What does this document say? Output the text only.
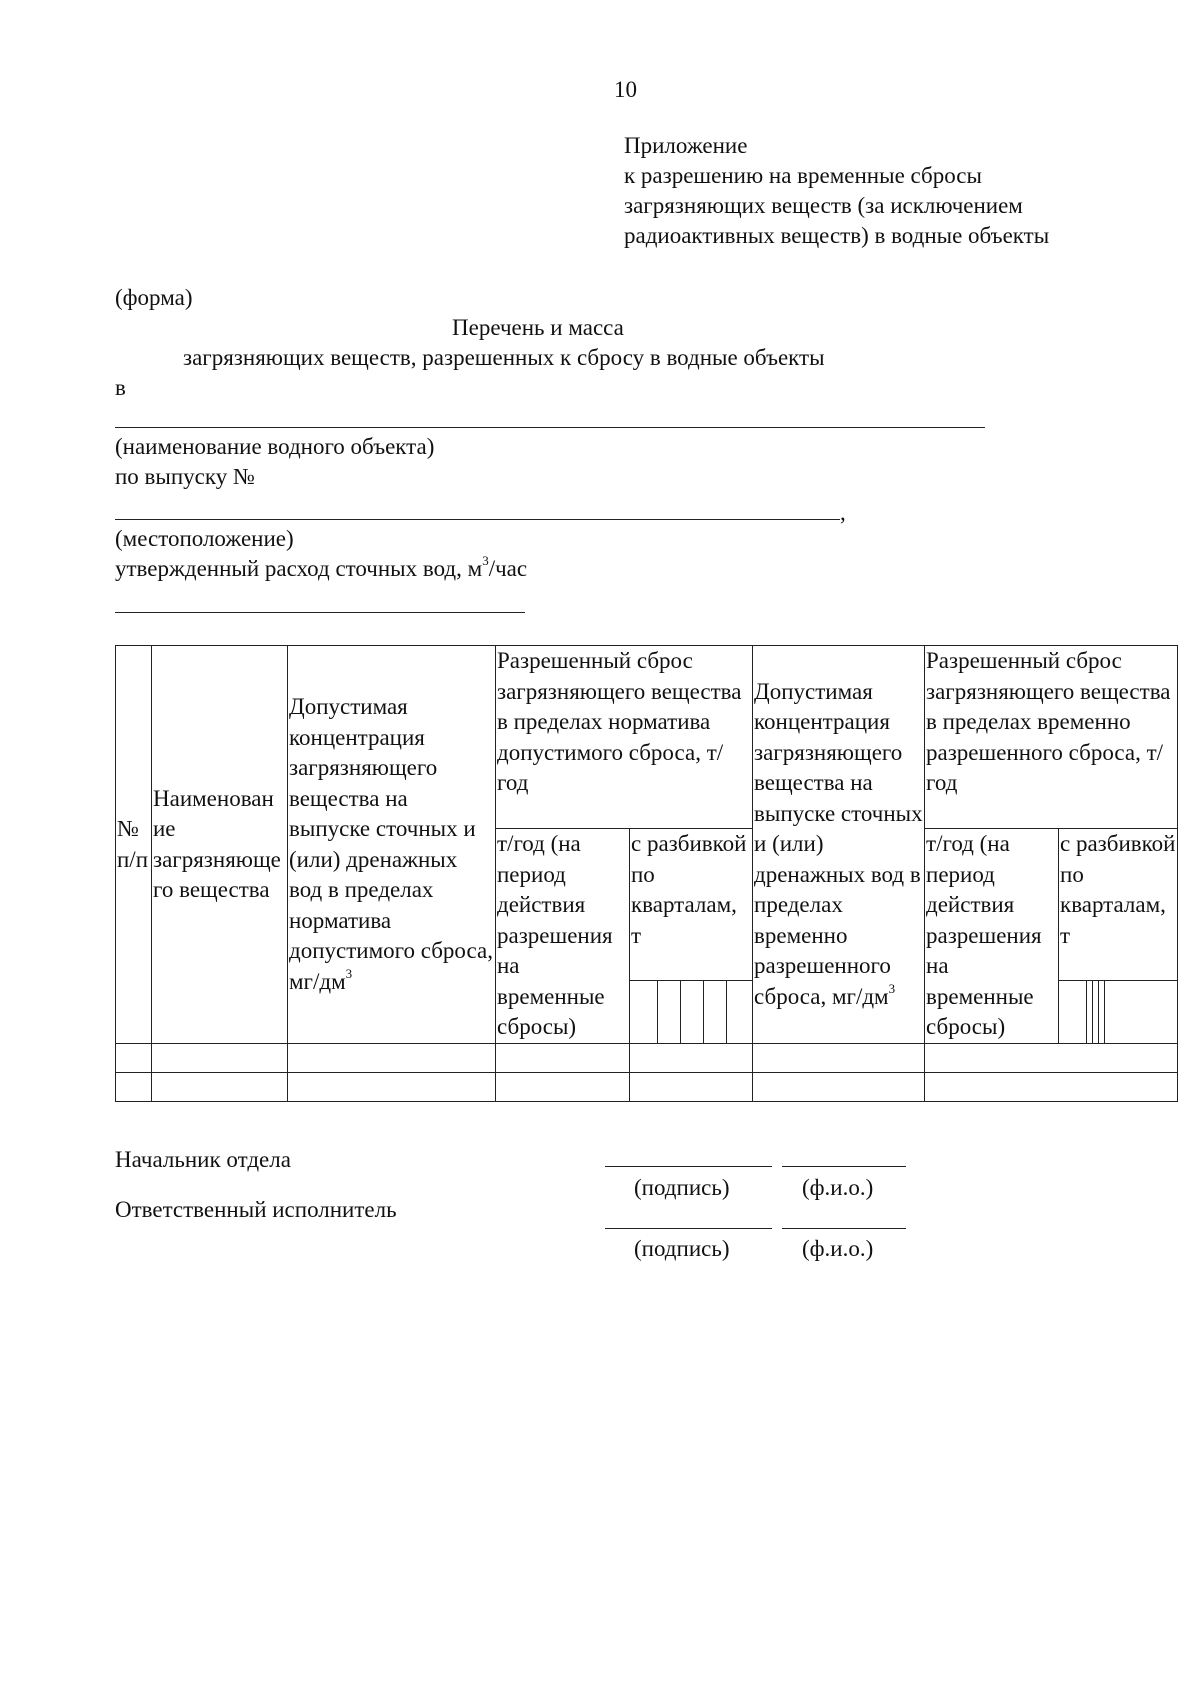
10
Приложение
к разрешению на временные сбросы
загрязняющих веществ (за исключением
радиоактивных веществ) в водные объекты
(форма)
Перечень и масса
загрязняющих веществ, разрешенных к сбросу в водные объекты
в
(наименование водного объекта)
по выпуску №
,
(местоположение)
утвержденный расход сточных вод, $м^3$/час
№ п/п	Наименование загрязняющего вещества	Допустимая концентрация загрязняющего вещества на выпуске сточных и (или) дренажных вод в пределах норматива допустимого сброса, $мг/дм^3$	Разрешенный сброс загрязняющего вещества в пределах норматива допустимого сброса, т/год		Допустимая концентрация загрязняющего вещества на выпуске сточных и (или) дренажных вод в пределах временно разрешенного сброса, $мг/дм^3$	Разрешенный сброс загрязняющего вещества в пределах временно разрешенного сброса, т/год	
			т/год (на период действия разрешения на временные сбросы)	с разбивкой по кварталам, т		т/год (на период действия разрешения на временные сбросы)	с разбивкой по кварталам, т

Начальник отдела
(подпись)	(ф.и.о.)
Ответственный исполнитель
(подпись)	(ф.и.о.)
